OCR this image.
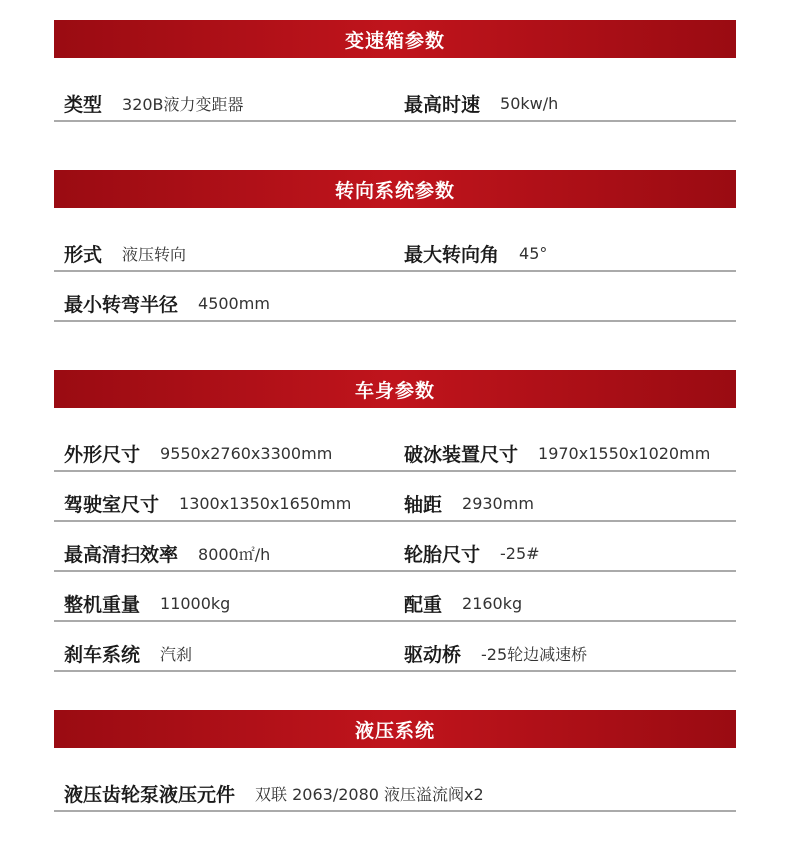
变速箱参数
类型 320B液力变距器	最高时速 50kw/h
转向系统参数
形式 液压转向	最大转向角 45°
最小转弯半径 4500mm
车身参数
外形尺寸 9550x2760x3300mm	破冰装置尺寸 1970x1550x1020mm
驾驶室尺寸 1300x1350x1650mm	轴距 2930mm
最高清扫效率 8000㎡/h	轮胎尺寸 -25#
整机重量 11000kg	配重 2160kg
刹车系统 汽刹	驱动桥 -25轮边减速桥
液压系统
液压齿轮泵液压元件 双联 2063/2080 液压溢流阀x2
